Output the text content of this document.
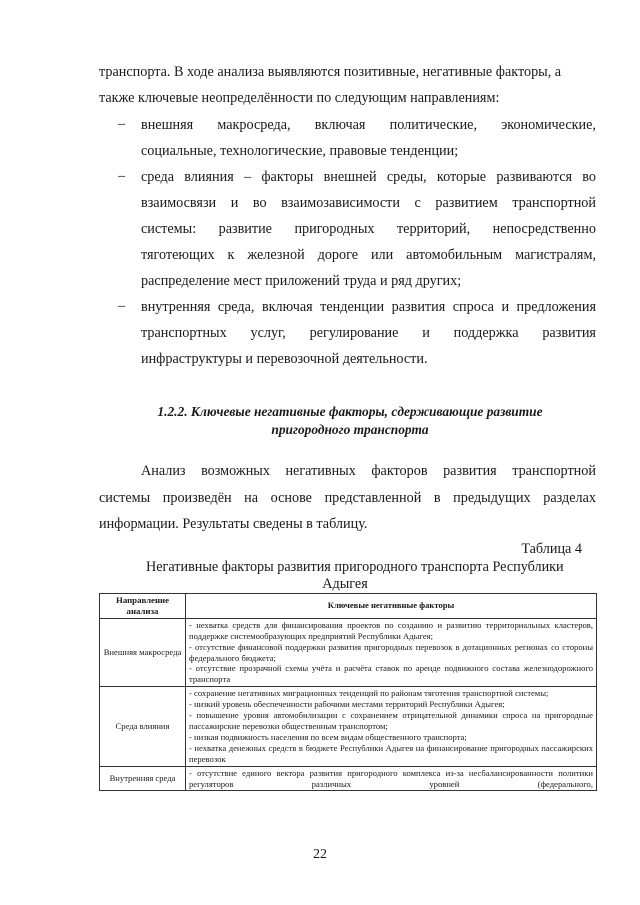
транспорта. В ходе анализа выявляются позитивные, негативные факторы, а
также ключевые неопределённости по следующим направлениям:
– внешняя макросреда, включая политические, экономические,
социальные, технологические, правовые тенденции;
– среда влияния – факторы внешней среды, которые развиваются во
взаимосвязи и во взаимозависимости с развитием транспортной
системы: развитие пригородных территорий, непосредственно
тяготеющих к железной дороге или автомобильным магистралям,
распределение мест приложений труда и ряд других;
– внутренняя среда, включая тенденции развития спроса и предложения
транспортных услуг, регулирование и поддержка развития
инфраструктуры и перевозочной деятельности.
1.2.2. Ключевые негативные факторы, сдерживающие развитие
пригородного транспорта
Анализ возможных негативных факторов развития транспортной
системы произведён на основе представленной в предыдущих разделах
информации. Результаты сведены в таблицу.
Таблица 4
Негативные факторы развития пригородного транспорта Республики
Адыгея
Направление анализа	Ключевые негативные факторы
Внешняя макросреда	- нехватка средств для финансирования проектов по созданию и развитию территориальных кластеров, поддержке системообразующих предприятий Республики Адыгея;
- отсутствие финансовой поддержки развития пригородных перевозок в дотационных регионах со стороны федерального бюджета;
- отсутствие прозрачной схемы учёта и расчёта ставок по аренде подвижного состава железнодорожного транспорта

Среда влияния	- сохранение негативных миграционных тенденций по районам тяготения транспортной системы;
- низкий уровень обеспеченности рабочими местами территорий Республики Адыгея;
- повышение уровня автомобилизации с сохранением отрицательной динамики спроса на пригородные пассажирские перевозки общественным транспортом;
- низкая подвижность населения по всем видам общественного транспорта;
- нехватка денежных средств в бюджете Республики Адыгея на финансирование пригородных пассажирских перевозок

Внутренняя среда	- отсутствие единого вектора развития пригородного комплекса из-за несбалансированности политики регуляторов различных уровней (федерального,
22
